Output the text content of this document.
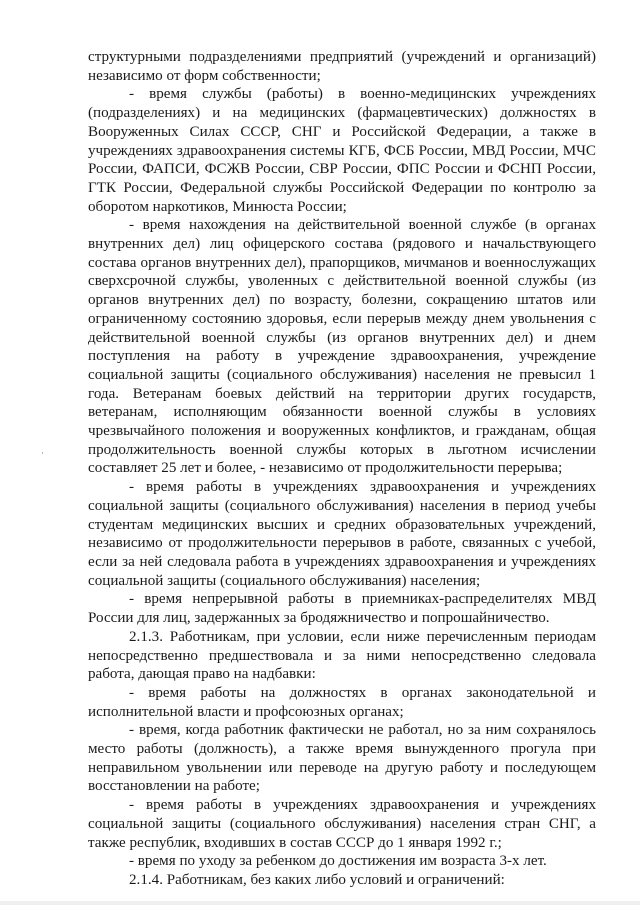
структурными подразделениями предприятий (учреждений и организаций) независимо от форм собственности;

- время службы (работы) в военно-медицинских учреждениях (подразделениях) и на медицинских (фармацевтических) должностях в Вооруженных Силах СССР, СНГ и Российской Федерации, а также в учреждениях здравоохранения системы КГБ, ФСБ России, МВД России, МЧС России, ФАПСИ, ФСЖВ России, СВР России, ФПС России и ФСНП России, ГТК России, Федеральной службы Российской Федерации по контролю за оборотом наркотиков, Минюста России;

- время нахождения на действительной военной службе (в органах внутренних дел) лиц офицерского состава (рядового и начальствующего состава органов внутренних дел), прапорщиков, мичманов и военнослужащих сверхсрочной службы, уволенных с действительной военной службы (из органов внутренних дел) по возрасту, болезни, сокращению штатов или ограниченному состоянию здоровья, если перерыв между днем увольнения с действительной военной службы (из органов внутренних дел) и днем поступления на работу в учреждение здравоохранения, учреждение социальной защиты (социального обслуживания) населения не превысил 1 года. Ветеранам боевых действий на территории других государств, ветеранам, исполняющим обязанности военной службы в условиях чрезвычайного положения и вооруженных конфликтов, и гражданам, общая продолжительность военной службы которых в льготном исчислении составляет 25 лет и более, - независимо от продолжительности перерыва;

- время работы в учреждениях здравоохранения и учреждениях социальной защиты (социального обслуживания) населения в период учебы студентам медицинских высших и средних образовательных учреждений, независимо от продолжительности перерывов в работе, связанных с учебой, если за ней следовала работа в учреждениях здравоохранения и учреждениях социальной защиты (социального обслуживания) населения;

- время непрерывной работы в приемниках-распределителях МВД России для лиц, задержанных за бродяжничество и попрошайничество.

2.1.3. Работникам, при условии, если ниже перечисленным периодам непосредственно предшествовала и за ними непосредственно следовала работа, дающая право на надбавки:

- время работы на должностях в органах законодательной и исполнительной власти и профсоюзных органах;

- время, когда работник фактически не работал, но за ним сохранялось место работы (должность), а также время вынужденного прогула при неправильном увольнении или переводе на другую работу и последующем восстановлении на работе;

- время работы в учреждениях здравоохранения и учреждениях социальной защиты (социального обслуживания) населения стран СНГ, а также республик, входивших в состав СССР до 1 января 1992 г.;

- время по уходу за ребенком до достижения им возраста 3-х лет.

2.1.4. Работникам, без каких либо условий и ограничений:
